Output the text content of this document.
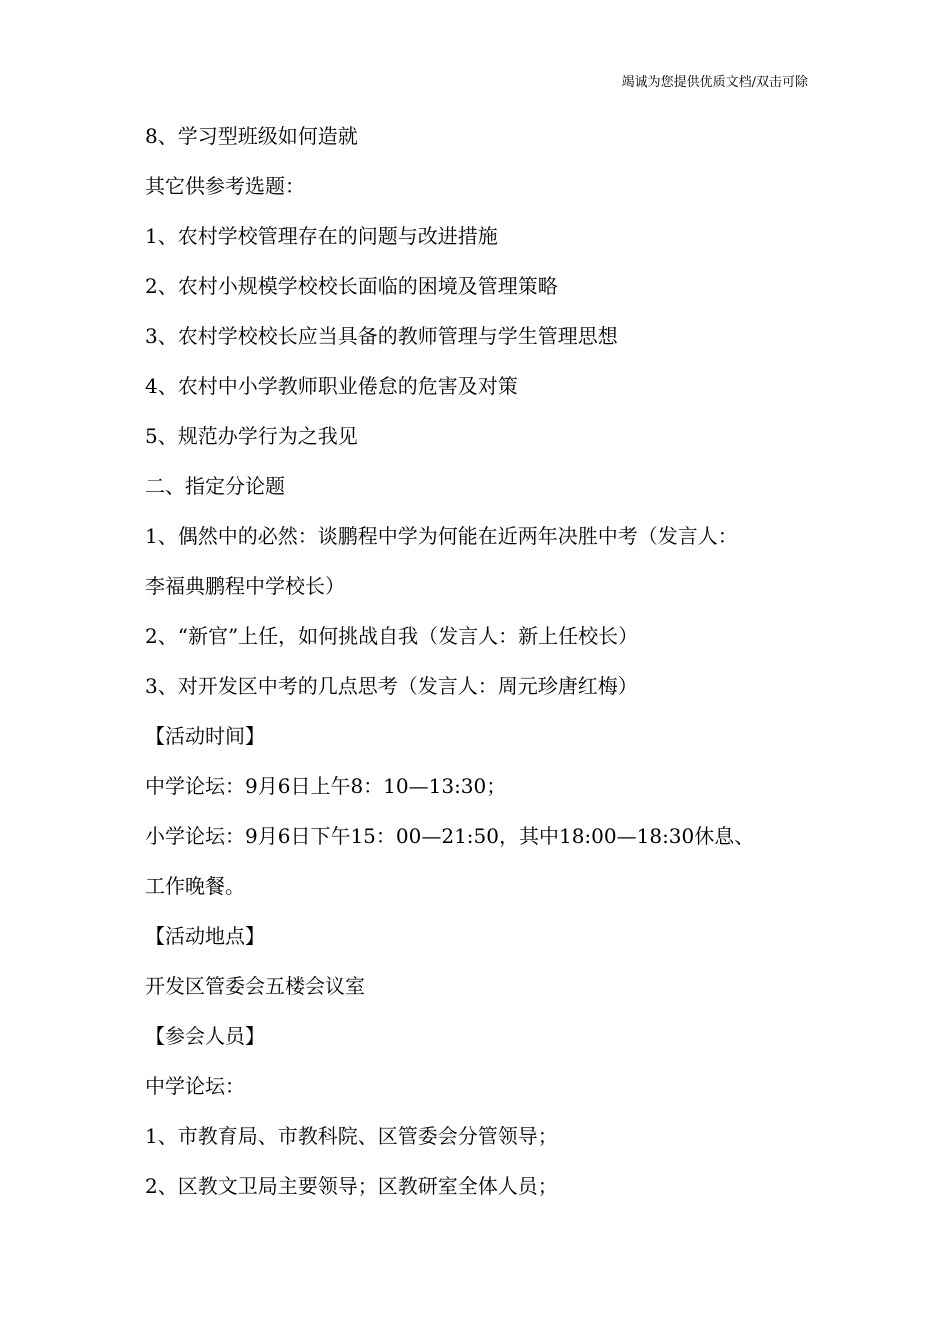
竭诚为您提供优质文档/双击可除
8、学习型班级如何造就
其它供参考选题：
1、农村学校管理存在的问题与改进措施
2、农村小规模学校校长面临的困境及管理策略
3、农村学校校长应当具备的教师管理与学生管理思想
4、农村中小学教师职业倦怠的危害及对策
5、规范办学行为之我见
二、指定分论题
1、偶然中的必然：谈鹏程中学为何能在近两年决胜中考（发言人：
李福典鹏程中学校长）
2、“新官”上任，如何挑战自我（发言人：新上任校长）
3、对开发区中考的几点思考（发言人：周元珍唐红梅）
【活动时间】
中学论坛：9月6日上午8：10—13:30；
小学论坛：9月6日下午15：00—21:50，其中18:00—18:30休息、
工作晚餐。
【活动地点】
开发区管委会五楼会议室
【参会人员】
中学论坛：
1、市教育局、市教科院、区管委会分管领导；
2、区教文卫局主要领导；区教研室全体人员；
